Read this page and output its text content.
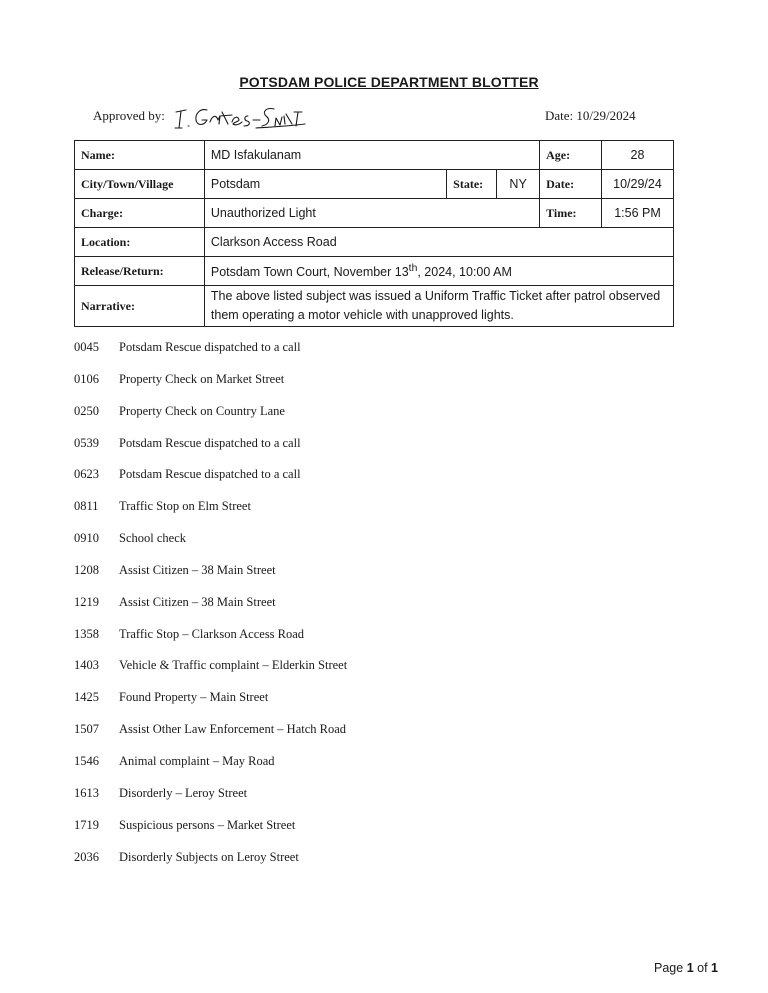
POTSDAM POLICE DEPARTMENT BLOTTER
Approved by:	Date: 10/29/2024
Name:	MD Isfakulanam			Age:	28
City/Town/Village	Potsdam	State:	NY	Date:	10/29/24
Charge:	Unauthorized Light			Time:	1:56 PM
Location:	Clarkson Access Road				
Release/Return:	Potsdam Town Court, November 13th, 2024, 10:00 AM				
Narrative:	The above listed subject was issued a Uniform Traffic Ticket after patrol observed them operating a motor vehicle with unapproved lights.				
0045	Potsdam Rescue dispatched to a call
0106	Property Check on Market Street
0250	Property Check on Country Lane
0539	Potsdam Rescue dispatched to a call
0623	Potsdam Rescue dispatched to a call
0811	Traffic Stop on Elm Street
0910	School check
1208	Assist Citizen – 38 Main Street
1219	Assist Citizen – 38 Main Street
1358	Traffic Stop – Clarkson Access Road
1403	Vehicle & Traffic complaint – Elderkin Street
1425	Found Property – Main Street
1507	Assist Other Law Enforcement – Hatch Road
1546	Animal complaint – May Road
1613	Disorderly – Leroy Street
1719	Suspicious persons – Market Street
2036	Disorderly Subjects on Leroy Street
Page 1 of 1
